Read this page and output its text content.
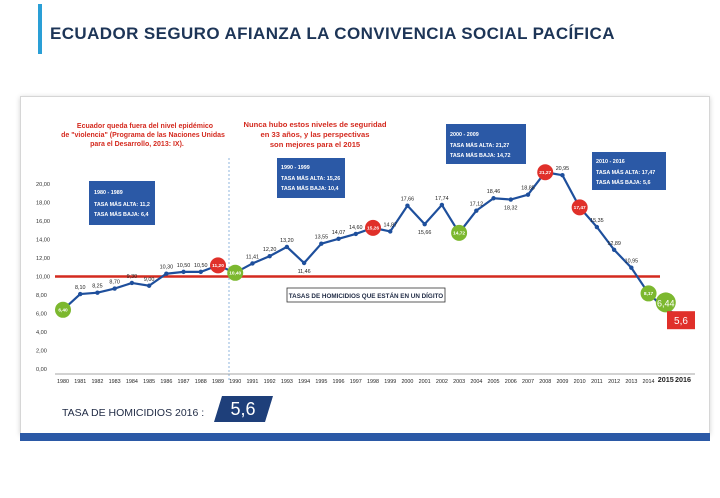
ECUADOR SEGURO AFIANZA LA CONVIVENCIA SOCIAL PACÍFICA
Ecuador queda fuera del nivel epidémico
de "violencia" (Programa de las Naciones Unidas
para el Desarrollo, 2013: IX).
Nunca hubo estos niveles de seguridad
en 33 años, y las perspectivas
son mejores para el 2015
1980 - 1989
TASA MÁS ALTA: 11,2
TASA MÁS BAJA: 6,4
1990 - 1999
TASA MÁS ALTA: 15,26
TASA MÁS BAJA: 10,4
2000 - 2009
TASA MÁS ALTA: 21,27
TASA MÁS BAJA: 14,72
2010 - 2016
TASA MÁS ALTA: 17,47
TASA MÁS BAJA: 5,6
TASAS DE HOMICIDIOS QUE ESTÁN EN UN DÍGITO
0,00
2,00
4,00
6,00
8,00
10,00
12,00
14,00
16,00
18,00
20,00
1980 1981 1982 1983 1984 1985 1986 1987 1988 1989 1990 1991 1992 1993 1994 1995 1996 1997 1998 1999 2000 2001 2002 2003 2004 2005 2006 2007 2008 2009 2010 2011 2012 2013 2014 2015 2016
8,10 8,25
8,70
9,30 9,00
10,30 10,50 10,50
11,41
12,20
13,20
11,46
13,55
14,07
14,60	14,87
17,66
15,66
17,74
17,12
18,46
18,32
18,85
20,95
15,35
12,89
10,95
6,40
11,20
10,40
15,26
14,72
21,27
17,47
8,17
6,44
5,6
TASA DE HOMICIDIOS 2016 : 5,6
